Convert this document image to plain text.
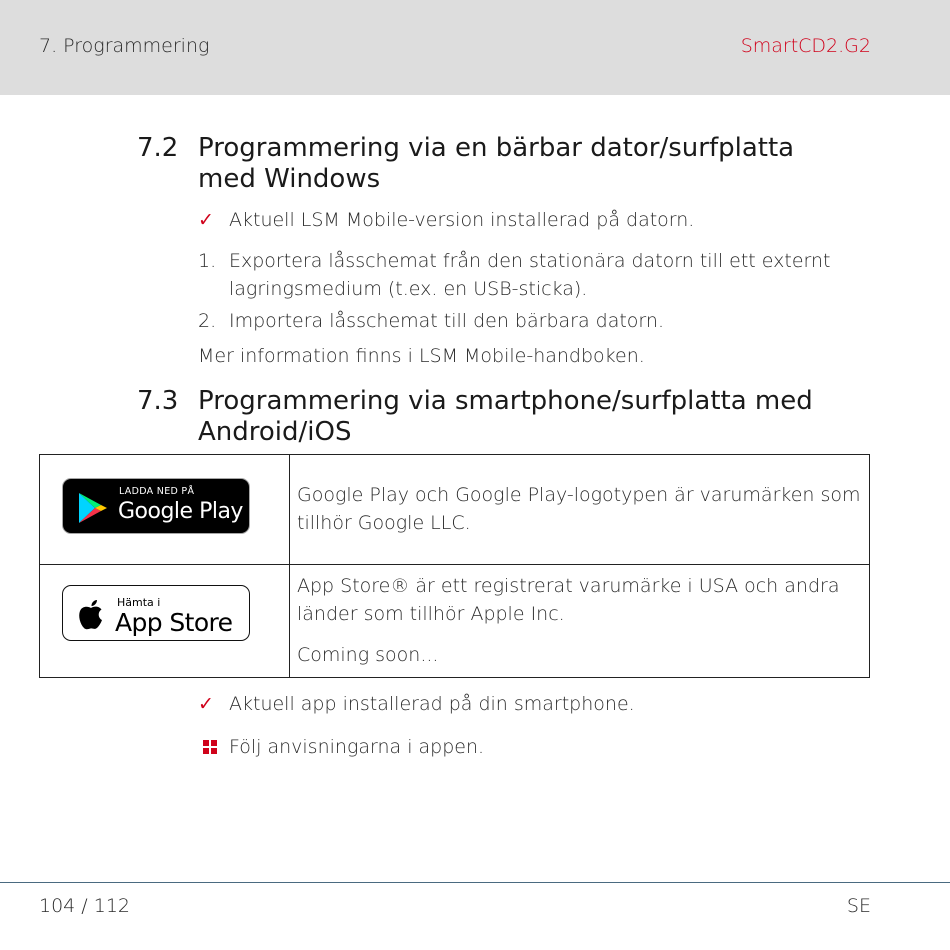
7. Programmering	SmartCD2.G2
7.2 Programmering via en bärbar dator/surfplatta med Windows
✓ Aktuell LSM Mobile-version installerad på datorn.
1. Exportera låsschemat från den stationära datorn till ett externt lagringsmedium (t.ex. en USB-sticka).
2. Importera låsschemat till den bärbara datorn.
Mer information finns i LSM Mobile-handboken.
7.3 Programmering via smartphone/surfplatta med Android/iOS
LADDA NED PÅ
Google Play
Google Play och Google Play-logotypen är varumärken som tillhör Google LLC.
Hämta i
App Store
App Store® är ett registrerat varumärke i USA och andra länder som tillhör Apple Inc.
Coming soon...
✓ Aktuell app installerad på din smartphone.
Följ anvisningarna i appen.
104 / 112	SE
